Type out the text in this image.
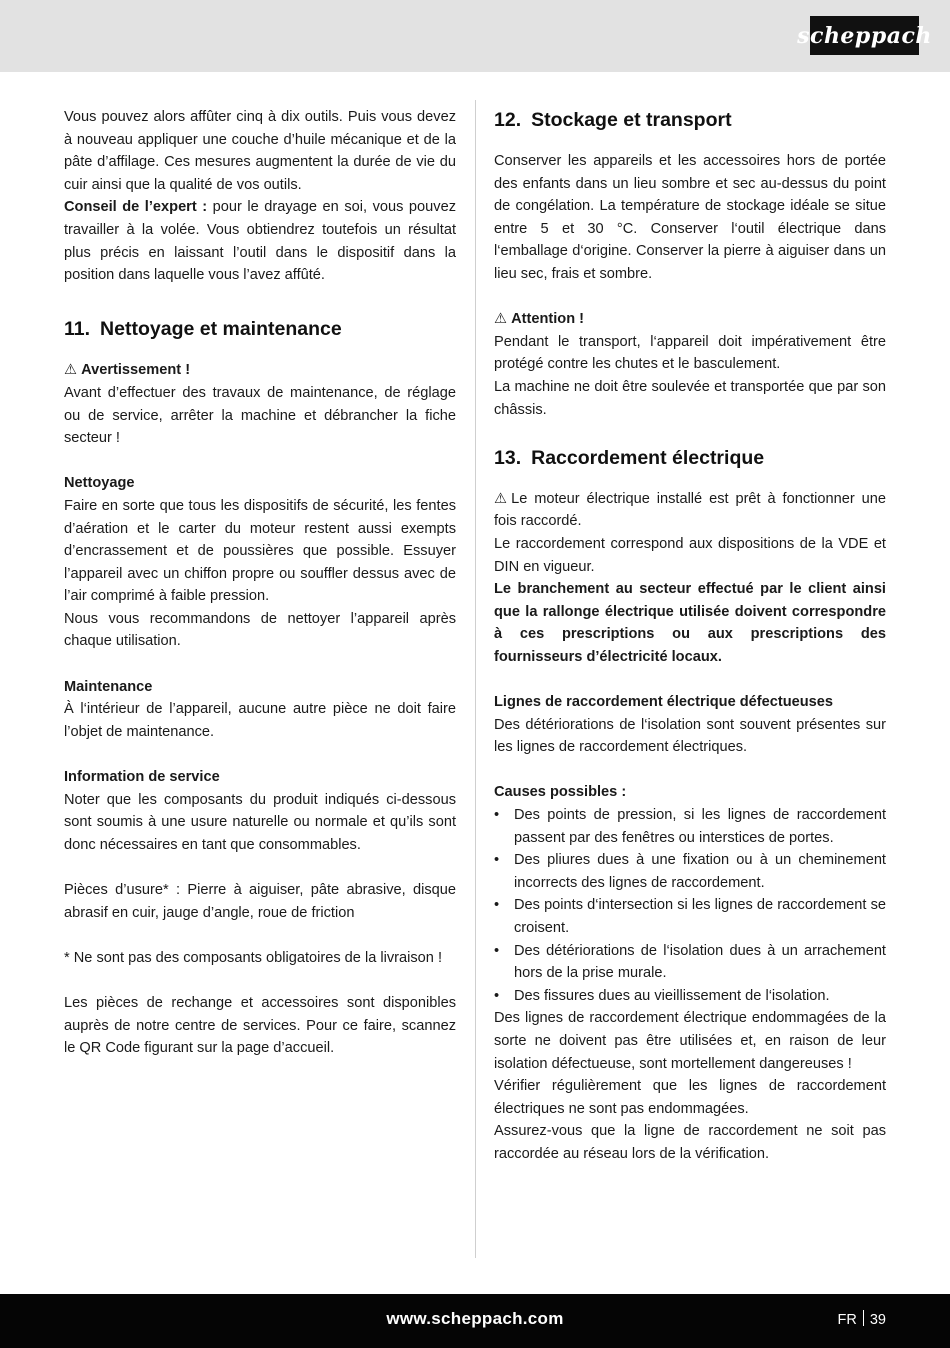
scheppach

Vous pouvez alors affûter cinq à dix outils. Puis vous devez à nouveau appliquer une couche d’huile mécanique et de la pâte d’affilage. Ces mesures augmentent la durée de vie du cuir ainsi que la qualité de vos outils.

Conseil de l’expert : pour le drayage en soi, vous pouvez travailler à la volée. Vous obtiendrez toutefois un résultat plus précis en laissant l’outil dans le dispositif dans la position dans laquelle vous l’avez affûté.

11. Nettoyage et maintenance

⚠ Avertissement !

Avant d’effectuer des travaux de maintenance, de réglage ou de service, arrêter la machine et débrancher la fiche secteur !

Nettoyage

Faire en sorte que tous les dispositifs de sécurité, les fentes d’aération et le carter du moteur restent aussi exempts d’encrassement et de poussières que possible. Essuyer l’appareil avec un chiffon propre ou souffler dessus avec de l’air comprimé à faible pression.

Nous vous recommandons de nettoyer l’appareil après chaque utilisation.

Maintenance

À l‘intérieur de l’appareil, aucune autre pièce ne doit faire l’objet de maintenance.

Information de service

Noter que les composants du produit indiqués ci-dessous sont soumis à une usure naturelle ou normale et qu’ils sont donc nécessaires en tant que consommables.

Pièces d’usure* : Pierre à aiguiser, pâte abrasive, disque abrasif en cuir, jauge d’angle, roue de friction

* Ne sont pas des composants obligatoires de la livraison !

Les pièces de rechange et accessoires sont disponibles auprès de notre centre de services. Pour ce faire, scannez le QR Code figurant sur la page d’accueil.

12. Stockage et transport

Conserver les appareils et les accessoires hors de portée des enfants dans un lieu sombre et sec au-dessus du point de congélation. La température de stockage idéale se situe entre 5 et 30 °C. Conserver l‘outil électrique dans l‘emballage d‘origine. Conserver la pierre à aiguiser dans un lieu sec, frais et sombre.

⚠ Attention !

Pendant le transport, l‘appareil doit impérativement être protégé contre les chutes et le basculement.

La machine ne doit être soulevée et transportée que par son châssis.

13. Raccordement électrique

⚠ Le moteur électrique installé est prêt à fonctionner une fois raccordé.

Le raccordement correspond aux dispositions de la VDE et DIN en vigueur.

Le branchement au secteur effectué par le client ainsi que la rallonge électrique utilisée doivent correspondre à ces prescriptions ou aux prescriptions des fournisseurs d’électricité locaux.

Lignes de raccordement électrique défectueuses

Des détériorations de l‘isolation sont souvent présentes sur les lignes de raccordement électriques.

Causes possibles :

•	Des points de pression, si les lignes de raccordement passent par des fenêtres ou interstices de portes.
•	Des pliures dues à une fixation ou à un cheminement incorrects des lignes de raccordement.
•	Des points d‘intersection si les lignes de raccordement se croisent.
•	Des détériorations de l‘isolation dues à un arrachement hors de la prise murale.
•	Des fissures dues au vieillissement de l‘isolation.

Des lignes de raccordement électrique endommagées de la sorte ne doivent pas être utilisées et, en raison de leur isolation défectueuse, sont mortellement dangereuses !

Vérifier régulièrement que les lignes de raccordement électriques ne sont pas endommagées.

Assurez-vous que la ligne de raccordement ne soit pas raccordée au réseau lors de la vérification.

www.scheppach.com	FR 39
